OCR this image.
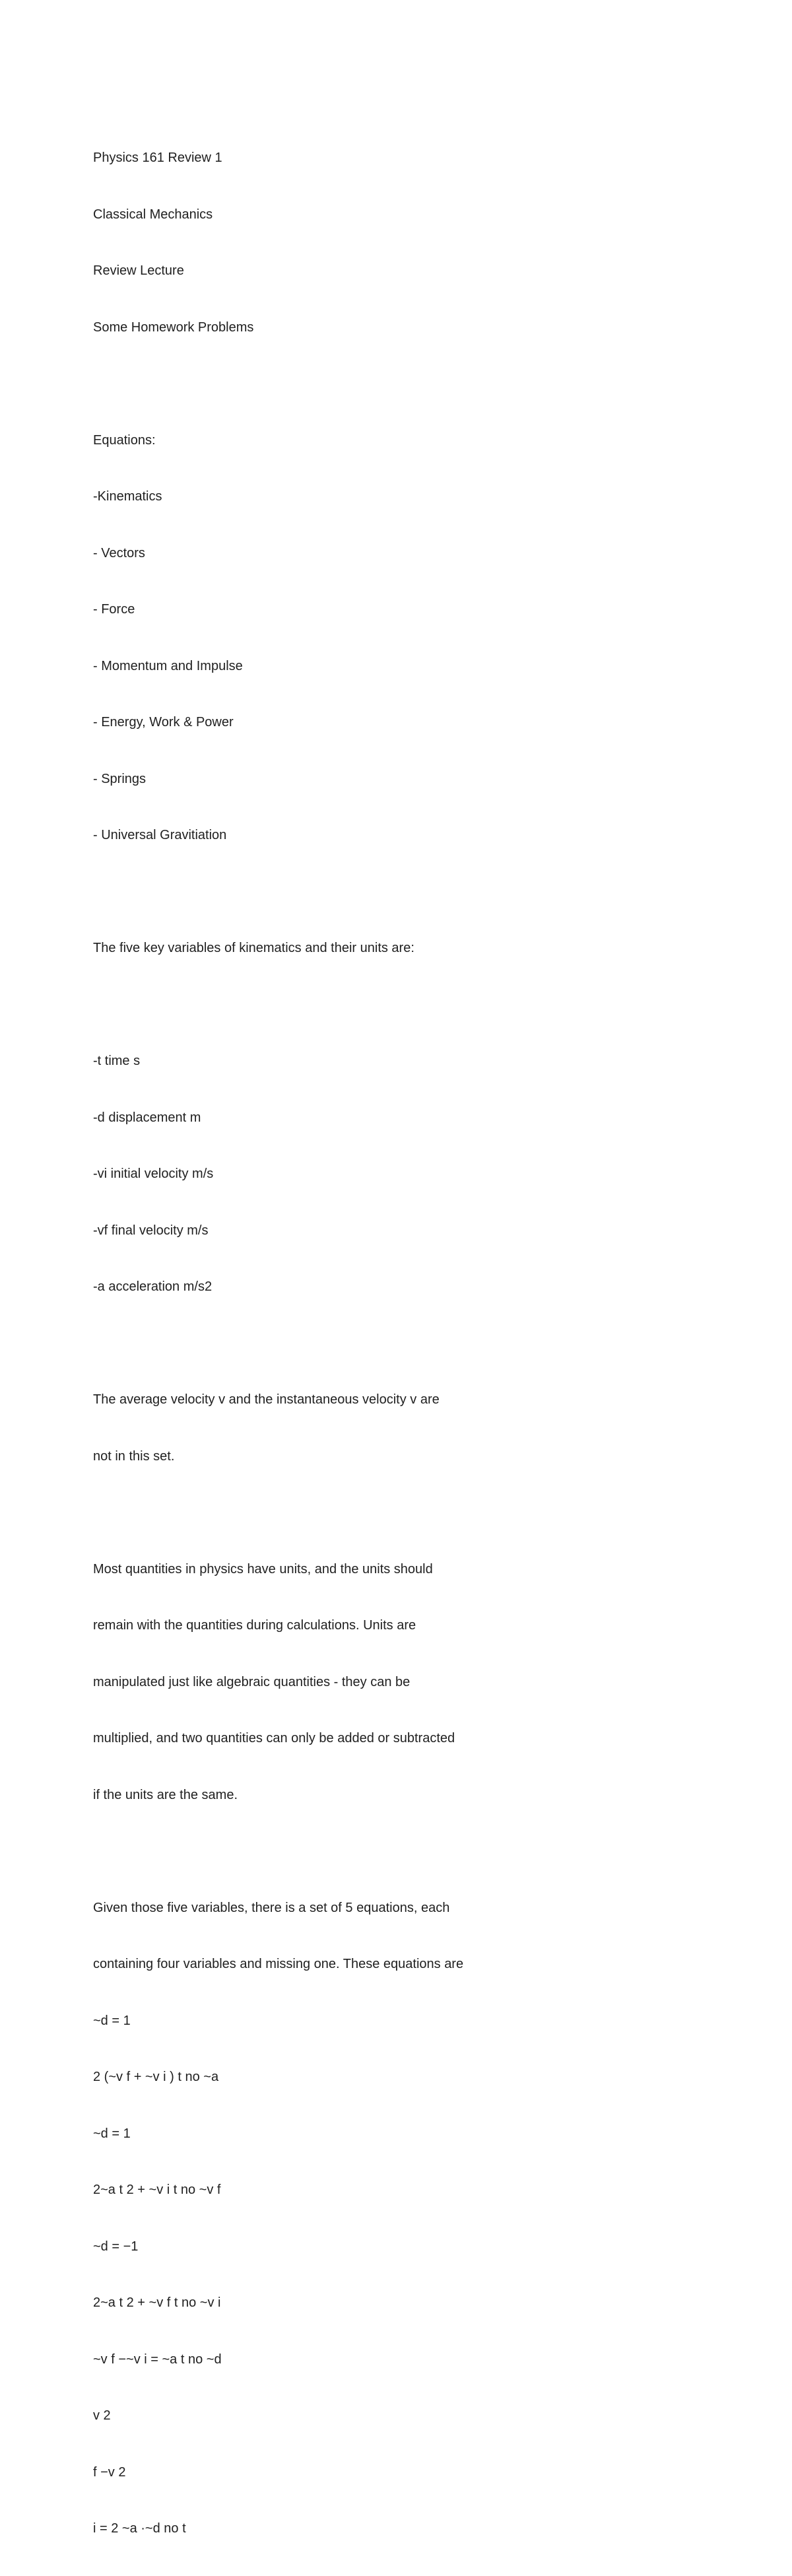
Physics 161 Review 1

Classical Mechanics

Review Lecture

Some Homework Problems

Equations:

-Kinematics

- Vectors

- Force

- Momentum and Impulse

- Energy, Work & Power

- Springs

- Universal Gravitiation

The five key variables of kinematics and their units are:

-t time s

-d displacement m

-vi initial velocity m/s

-vf final velocity m/s

-a acceleration m/s2

The average velocity v and the instantaneous velocity v are

not in this set.

Most quantities in physics have units, and the units should

remain with the quantities during calculations. Units are

manipulated just like algebraic quantities - they can be

multiplied, and two quantities can only be added or subtracted

if the units are the same.

Given those five variables, there is a set of 5 equations, each

containing four variables and missing one. These equations are

~d = 1

2 (~v f + ~v i ) t no ~a

~d = 1

2~a t 2 + ~v i t no ~v f

~d = −1

2~a t 2 + ~v f t no ~v i

~v f −~v i = ~a t no ~d

v 2

f −v 2

i = 2 ~a ·~d no t
